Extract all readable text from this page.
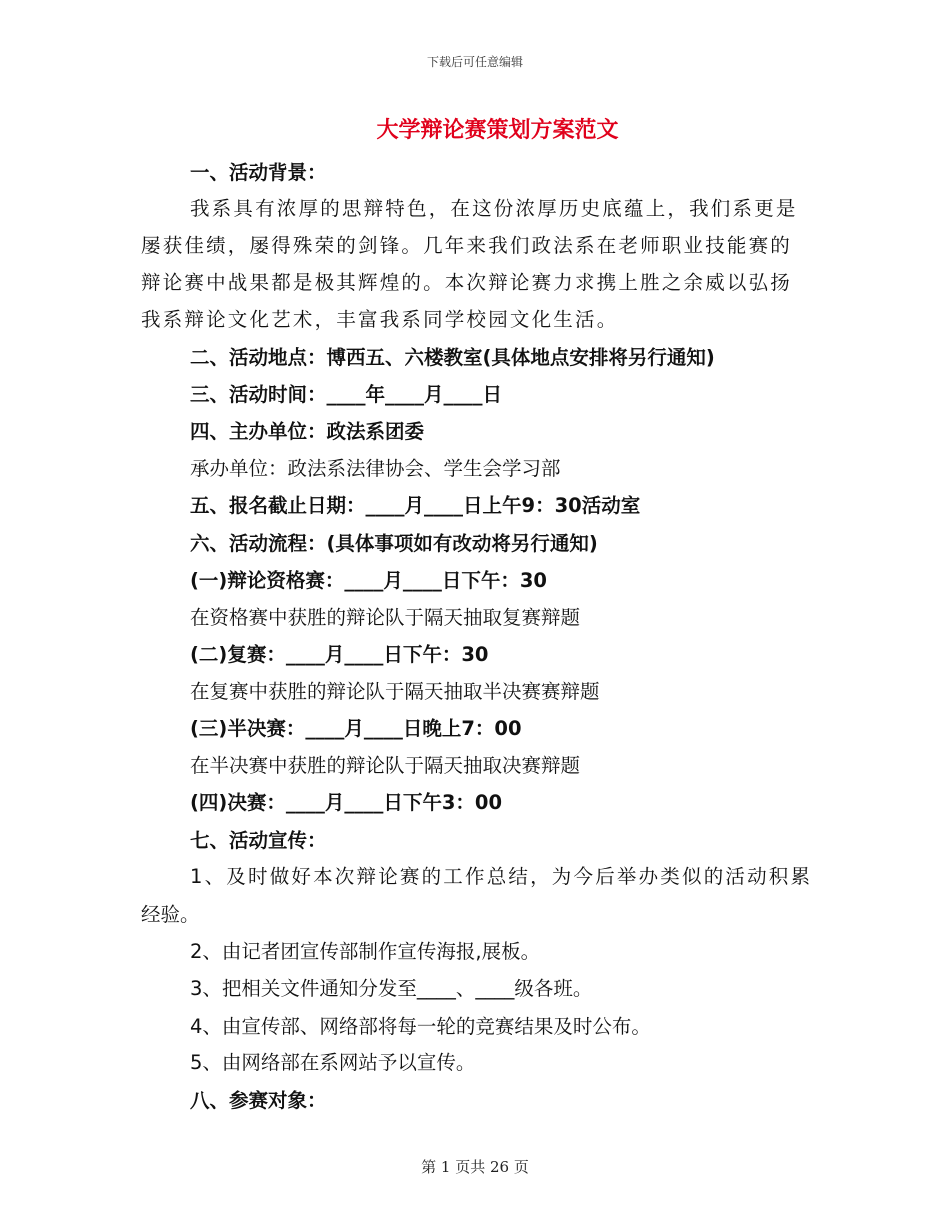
下载后可任意编辑
大学辩论赛策划方案范文
一、活动背景：
我系具有浓厚的思辩特色，在这份浓厚历史底蕴上，我们系更是
屡获佳绩，屡得殊荣的剑锋。几年来我们政法系在老师职业技能赛的
辩论赛中战果都是极其辉煌的。本次辩论赛力求携上胜之余威以弘扬
我系辩论文化艺术，丰富我系同学校园文化生活。
二、活动地点：博西五、六楼教室(具体地点安排将另行通知)
三、活动时间：____年____月____日
四、主办单位：政法系团委
承办单位：政法系法律协会、学生会学习部
五、报名截止日期：____月____日上午9：30活动室
六、活动流程：(具体事项如有改动将另行通知)
(一)辩论资格赛：____月____日下午：30
在资格赛中获胜的辩论队于隔天抽取复赛辩题
(二)复赛：____月____日下午：30
在复赛中获胜的辩论队于隔天抽取半决赛赛辩题
(三)半决赛：____月____日晚上7：00
在半决赛中获胜的辩论队于隔天抽取决赛辩题
(四)决赛：____月____日下午3：00
七、活动宣传：
1、及时做好本次辩论赛的工作总结，为今后举办类似的活动积累
经验。
2、由记者团宣传部制作宣传海报,展板。
3、把相关文件通知分发至____、____级各班。
4、由宣传部、网络部将每一轮的竞赛结果及时公布。
5、由网络部在系网站予以宣传。
八、参赛对象：
第 1 页共 26 页
